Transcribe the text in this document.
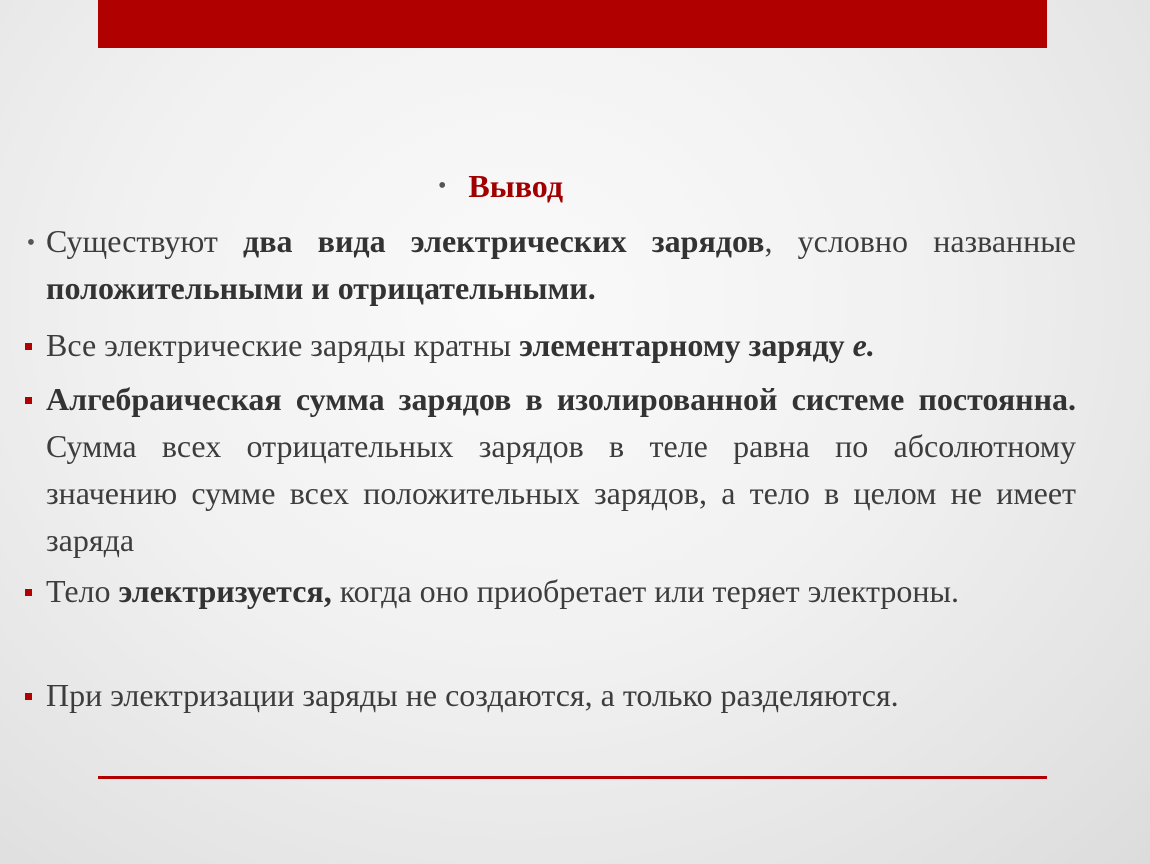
• Вывод
• Существуют два вида электрических зарядов, условно названные положительными и отрицательными.
Все электрические заряды кратны элементарному заряду е.
Алгебраическая сумма зарядов в изолированной системе постоянна. Сумма всех отрицательных зарядов в теле равна по абсолютному значению сумме всех положительных зарядов, а тело в целом не имеет заряда
Тело электризуется, когда оно приобретает или теряет электроны.
При электризации заряды не создаются, а только разделяются.
